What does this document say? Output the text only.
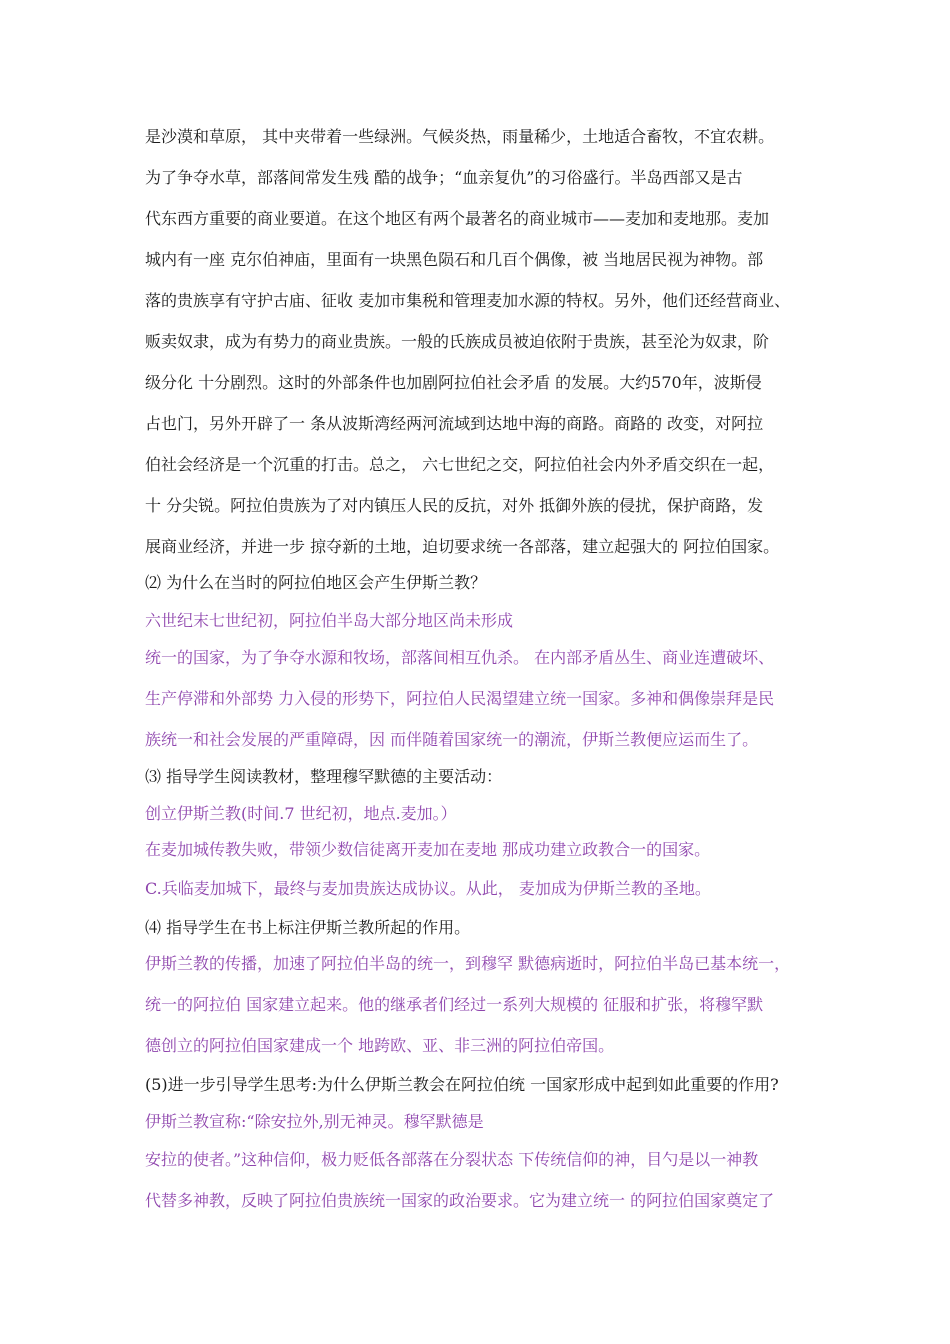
是沙漠和草原， 其中夹带着一些绿洲。气候炎热，雨量稀少，土地适合畜牧，不宜农耕。
为了争夺水草，部落间常发生残 酷的战争；“血亲复仇”的习俗盛行。半岛西部又是古
代东西方重要的商业要道。在这个地区有两个最著名的商业城市——麦加和麦地那。麦加
城内有一座 克尔伯神庙，里面有一块黑色陨石和几百个偶像，被 当地居民视为神物。部
落的贵族享有守护古庙、征收 麦加市集税和管理麦加水源的特权。另外，他们还经营商业、
贩卖奴隶，成为有势力的商业贵族。一般的氏族成员被迫依附于贵族，甚至沦为奴隶，阶
级分化 十分剧烈。这时的外部条件也加剧阿拉伯社会矛盾 的发展。大约570年，波斯侵
占也门，另外开辟了一 条从波斯湾经两河流域到达地中海的商路。商路的 改变，对阿拉
伯社会经济是一个沉重的打击。总之， 六七世纪之交，阿拉伯社会内外矛盾交织在一起，
十 分尖锐。阿拉伯贵族为了对内镇压人民的反抗，对外 抵御外族的侵扰，保护商路，发
展商业经济，并进一步 掠夺新的土地，迫切要求统一各部落，建立起强大的 阿拉伯国家。
⑵ 为什么在当时的阿拉伯地区会产生伊斯兰教？
六世纪末七世纪初，阿拉伯半岛大部分地区尚未形成
统一的国家，为了争夺水源和牧场，部落间相互仇杀。 在内部矛盾丛生、商业连遭破坏、
生产停滞和外部势 力入侵的形势下，阿拉伯人民渴望建立统一国家。多神和偶像崇拜是民
族统一和社会发展的严重障碍，因 而伴随着国家统一的潮流，伊斯兰教便应运而生了。
⑶ 指导学生阅读教材，整理穆罕默德的主要活动：
创立伊斯兰教(时间.7 世纪初，地点.麦加。）
在麦加城传教失败，带领少数信徒离开麦加在麦地 那成功建立政教合一的国家。
C.兵临麦加城下，最终与麦加贵族达成协议。从此， 麦加成为伊斯兰教的圣地。
⑷ 指导学生在书上标注伊斯兰教所起的作用。
伊斯兰教的传播，加速了阿拉伯半岛的统一，到穆罕 默德病逝时，阿拉伯半岛已基本统一，
统一的阿拉伯 国家建立起来。他的继承者们经过一系列大规模的 征服和扩张，将穆罕默
德创立的阿拉伯国家建成一个 地跨欧、亚、非三洲的阿拉伯帝国。
(5)进一步引导学生思考:为什么伊斯兰教会在阿拉伯统 一国家形成中起到如此重要的作用?
伊斯兰教宣称:“除安拉外,别无神灵。穆罕默德是
安拉的使者。”这种信仰，极力贬低各部落在分裂状态 下传统信仰的神，目勺是以一神教
代替多神教，反映了阿拉伯贵族统一国家的政治要求。它为建立统一 的阿拉伯国家奠定了
